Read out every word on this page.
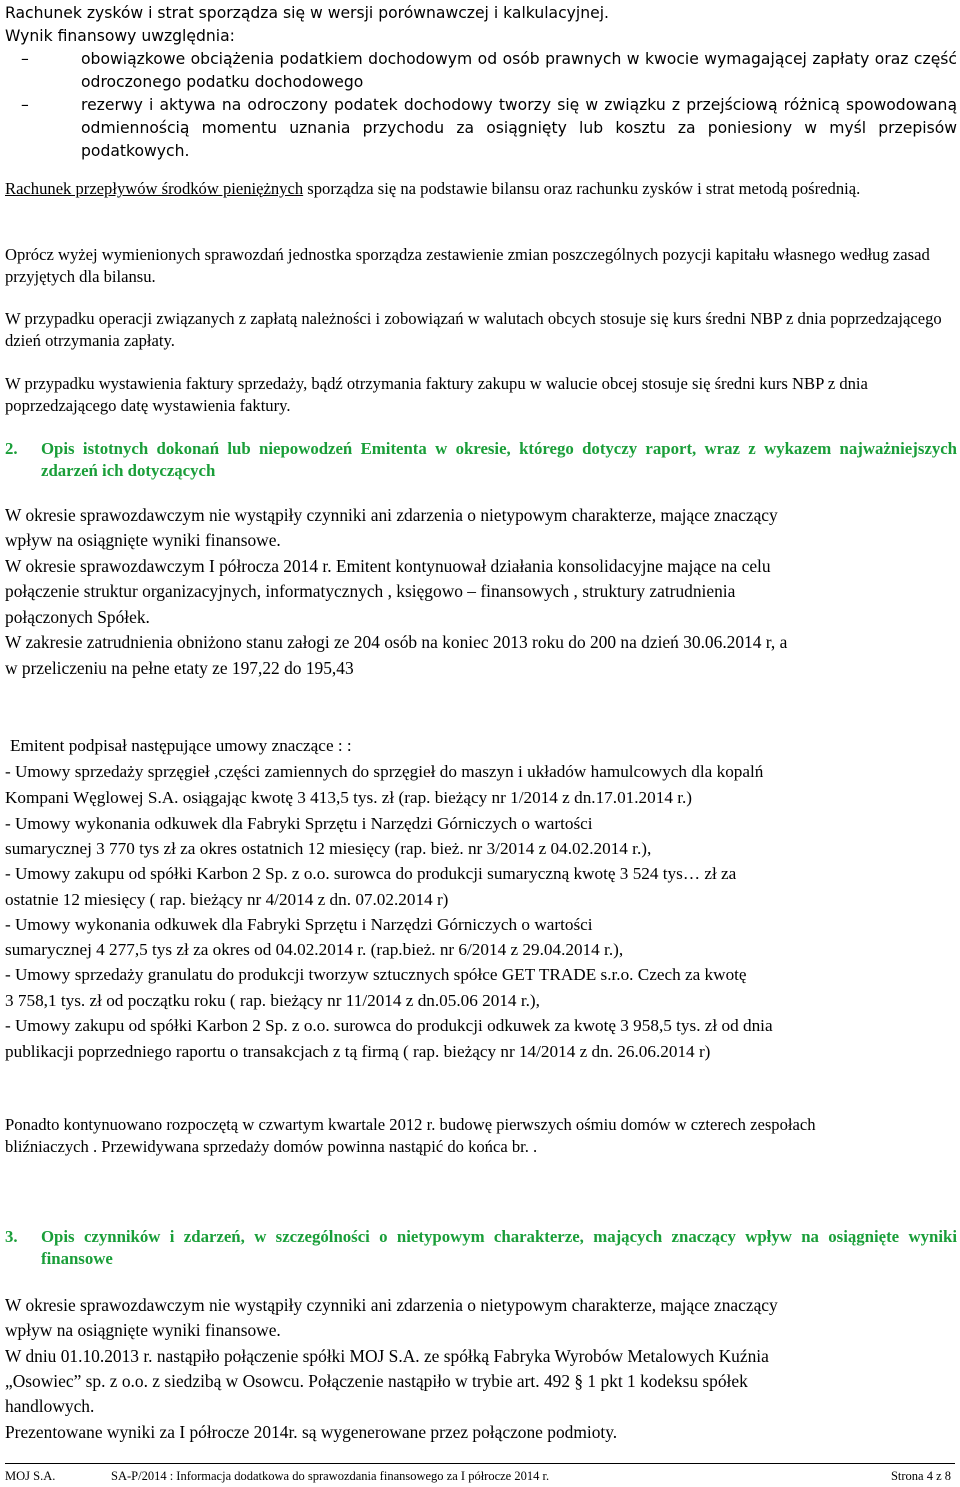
Rachunek zysków i strat sporządza się w wersji porównawczej i kalkulacyjnej.
Wynik finansowy uwzględnia:
–	obowiązkowe obciążenia podatkiem dochodowym od osób prawnych w kwocie wymagającej zapłaty oraz część odroczonego podatku dochodowego
–	rezerwy i aktywa na odroczony podatek dochodowy tworzy się w związku z przejściową różnicą spowodowaną odmiennością momentu uznania przychodu za osiągnięty lub kosztu za poniesiony w myśl przepisów podatkowych.

Rachunek przepływów środków pieniężnych sporządza się na podstawie bilansu oraz rachunku zysków i strat metodą pośrednią.

Oprócz wyżej wymienionych sprawozdań jednostka sporządza zestawienie zmian poszczególnych pozycji kapitału własnego według zasad przyjętych dla bilansu.

W przypadku operacji związanych z zapłatą należności i zobowiązań w walutach obcych stosuje się kurs średni NBP z dnia poprzedzającego dzień otrzymania zapłaty.

W przypadku wystawienia faktury sprzedaży, bądź otrzymania faktury zakupu w walucie obcej stosuje się średni kurs NBP z dnia poprzedzającego datę wystawienia faktury.

2. Opis istotnych dokonań lub niepowodzeń Emitenta w okresie, którego dotyczy raport, wraz z wykazem najważniejszych zdarzeń ich dotyczących
W okresie sprawozdawczym nie wystąpiły czynniki ani zdarzenia o nietypowym charakterze, mające znaczący
wpływ na osiągnięte wyniki finansowe.
W okresie sprawozdawczym I półrocza 2014 r. Emitent kontynuował działania konsolidacyjne mające na celu
połączenie struktur organizacyjnych, informatycznych , księgowo – finansowych , struktury zatrudnienia
połączonych Spółek.
W zakresie zatrudnienia obniżono stanu załogi ze 204 osób na koniec 2013 roku do 200 na dzień 30.06.2014 r, a
w przeliczeniu na pełne etaty ze 197,22 do 195,43
Emitent podpisał następujące umowy znaczące : :
- Umowy sprzedaży sprzęgieł ,części zamiennych do sprzęgieł do maszyn i układów hamulcowych dla kopalń
Kompani Węglowej S.A. osiągając kwotę 3 413,5 tys. zł (rap. bieżący nr 1/2014 z dn.17.01.2014 r.)
- Umowy wykonania odkuwek dla Fabryki Sprzętu i Narzędzi Górniczych o wartości
sumarycznej 3 770 tys zł za okres ostatnich 12 miesięcy (rap. bież. nr 3/2014 z 04.02.2014 r.),
- Umowy zakupu od spółki Karbon 2 Sp. z o.o. surowca do produkcji sumaryczną kwotę 3 524 tys… zł za
ostatnie 12 miesięcy ( rap. bieżący nr 4/2014 z dn. 07.02.2014 r)
- Umowy wykonania odkuwek dla Fabryki Sprzętu i Narzędzi Górniczych o wartości
sumarycznej 4 277,5 tys zł za okres od 04.02.2014 r. (rap.bież. nr 6/2014 z 29.04.2014 r.),
- Umowy sprzedaży granulatu do produkcji tworzyw sztucznych spółce GET TRADE s.r.o. Czech za kwotę
3 758,1 tys. zł od początku roku ( rap. bieżący nr 11/2014 z dn.05.06 2014 r.),
- Umowy zakupu od spółki Karbon 2 Sp. z o.o. surowca do produkcji odkuwek za kwotę 3 958,5 tys. zł od dnia
publikacji poprzedniego raportu o transakcjach z tą firmą ( rap. bieżący nr 14/2014 z dn. 26.06.2014 r)
Ponadto kontynuowano rozpoczętą w czwartym kwartale 2012 r. budowę pierwszych ośmiu domów w czterech zespołach
bliźniaczych . Przewidywana sprzedaży domów powinna nastąpić do końca br. .
3. Opis czynników i zdarzeń, w szczególności o nietypowym charakterze, mających znaczący wpływ na osiągnięte wyniki finansowe
W okresie sprawozdawczym nie wystąpiły czynniki ani zdarzenia o nietypowym charakterze, mające znaczący
wpływ na osiągnięte wyniki finansowe.
W dniu 01.10.2013 r. nastąpiło połączenie spółki MOJ S.A. ze spółką Fabryka Wyrobów Metalowych Kuźnia
„Osowiec” sp. z o.o. z siedzibą w Osowcu. Połączenie nastąpiło w trybie art. 492 § 1 pkt 1 kodeksu spółek
handlowych.
Prezentowane wyniki za I półrocze 2014r. są wygenerowane przez połączone podmioty.
MOJ S.A.	SA-P/2014 : Informacja dodatkowa do sprawozdania finansowego za I półrocze 2014 r.	Strona 4 z 8
